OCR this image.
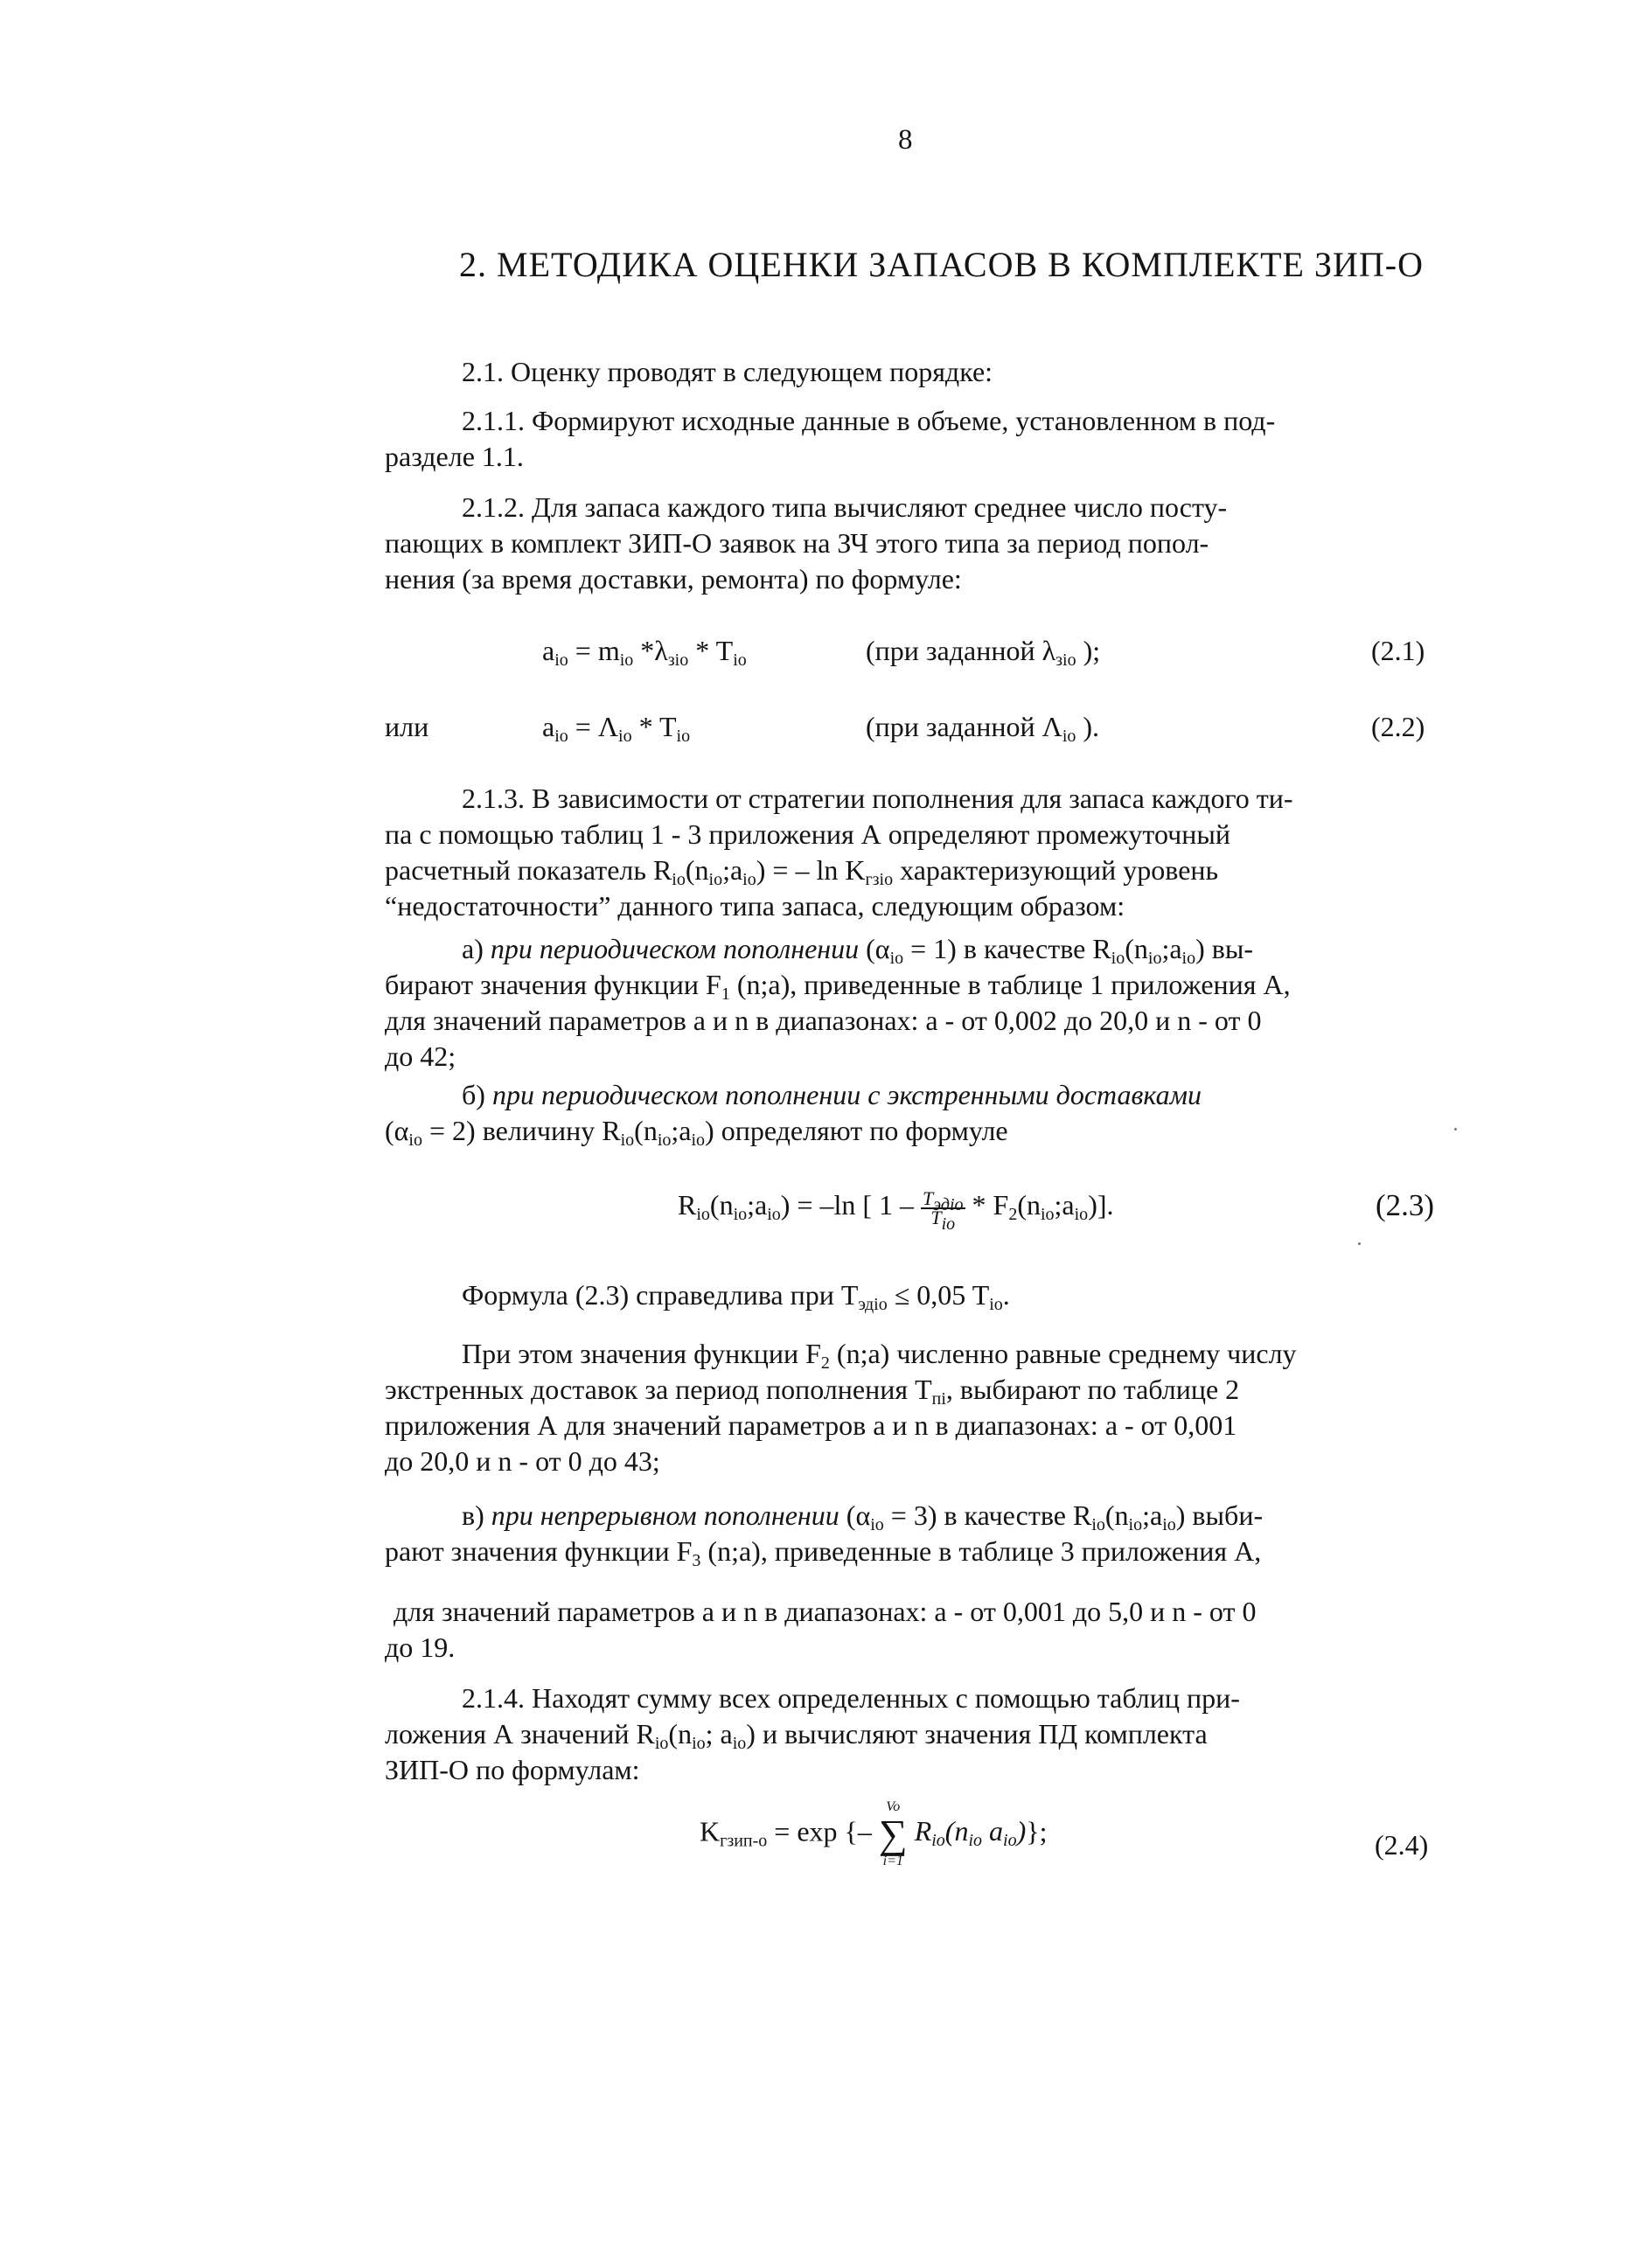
8
2. МЕТОДИКА ОЦЕНКИ ЗАПАСОВ В КОМПЛЕКТЕ ЗИП-О
2.1. Оценку проводят в следующем порядке:
2.1.1. Формируют исходные данные в объеме, установленном в под-
разделе 1.1.
2.1.2. Для запаса каждого типа вычисляют среднее число посту-
пающих в комплект ЗИП-О заявок на ЗЧ этого типа за период попол-
нения (за время доставки, ремонта) по формуле:
$a_{io} = m_{io}$ $*\lambda_{зio} * T_{io}$	(при заданной $\lambda_{зio}$ );	(2.1)
или	$a_{io} = \Lambda_{io} * T_{io}$	(при заданной $\Lambda_{io}$ ).	(2.2)
2.1.3. В зависимости от стратегии пополнения для запаса каждого ти-
па с помощью таблиц 1 - 3 приложения А определяют промежуточный
расчетный показатель $R_{io}(n_{io};a_{io})$ = – $\ln K_{гзio}$ характеризующий уровень
“недостаточности” данного типа запаса, следующим образом:
а) при периодическом пополнении $(\alpha_{io} = 1)$ в качестве $R_{io}(n_{io};a_{io})$ вы-
бирают значения функции $F_1$ (n;a), приведенные в таблице 1 приложения А,
для значений параметров а и n в диапазонах: а - от 0,002 до 20,0 и n - от 0
до 42;
б) при периодическом пополнении с экстренными доставками
$(\alpha_{io} = 2)$ величину $R_{io}(n_{io};a_{io})$ определяют по формуле
$R_{io}(n_{io};a_{io}) = -\ln$ [ $1 - \frac{T_{эдio}}{T_{io}}$ * $F_2(n_{io};a_{io})$].	(2.3)
Формула (2.3) справедлива при $Т_{эдio} \le 0,05$ $T_{io}$.
При этом значения функции $F_2$ (n;a) численно равные среднему числу
экстренных доставок за период пополнения $T_{пi}$, выбирают по таблице 2
приложения А для значений параметров а и n в диапазонах: а - от 0,001
до 20,0 и n - от 0 до 43;
в) при непрерывном пополнении $(\alpha_{io} = 3)$ в качестве $R_{io}(n_{io};a_{io})$ выби-
рают значения функции $F_3$ (n;a), приведенные в таблице 3 приложения А,
для значений параметров а и n в диапазонах: а - от 0,001 до 5,0 и n - от 0
до 19.
2.1.4. Находят сумму всех определенных с помощью таблиц при-
ложения А значений $R_{io}(n_{io}$; $a_{io}$) и вычисляют значения ПД комплекта
ЗИП-О по формулам:
$K_{гзип-о} = \exp$ {–
Vo
∑
i=1
$R_{io}(n_{io}$ $a_{io}$)};	(2.4)
